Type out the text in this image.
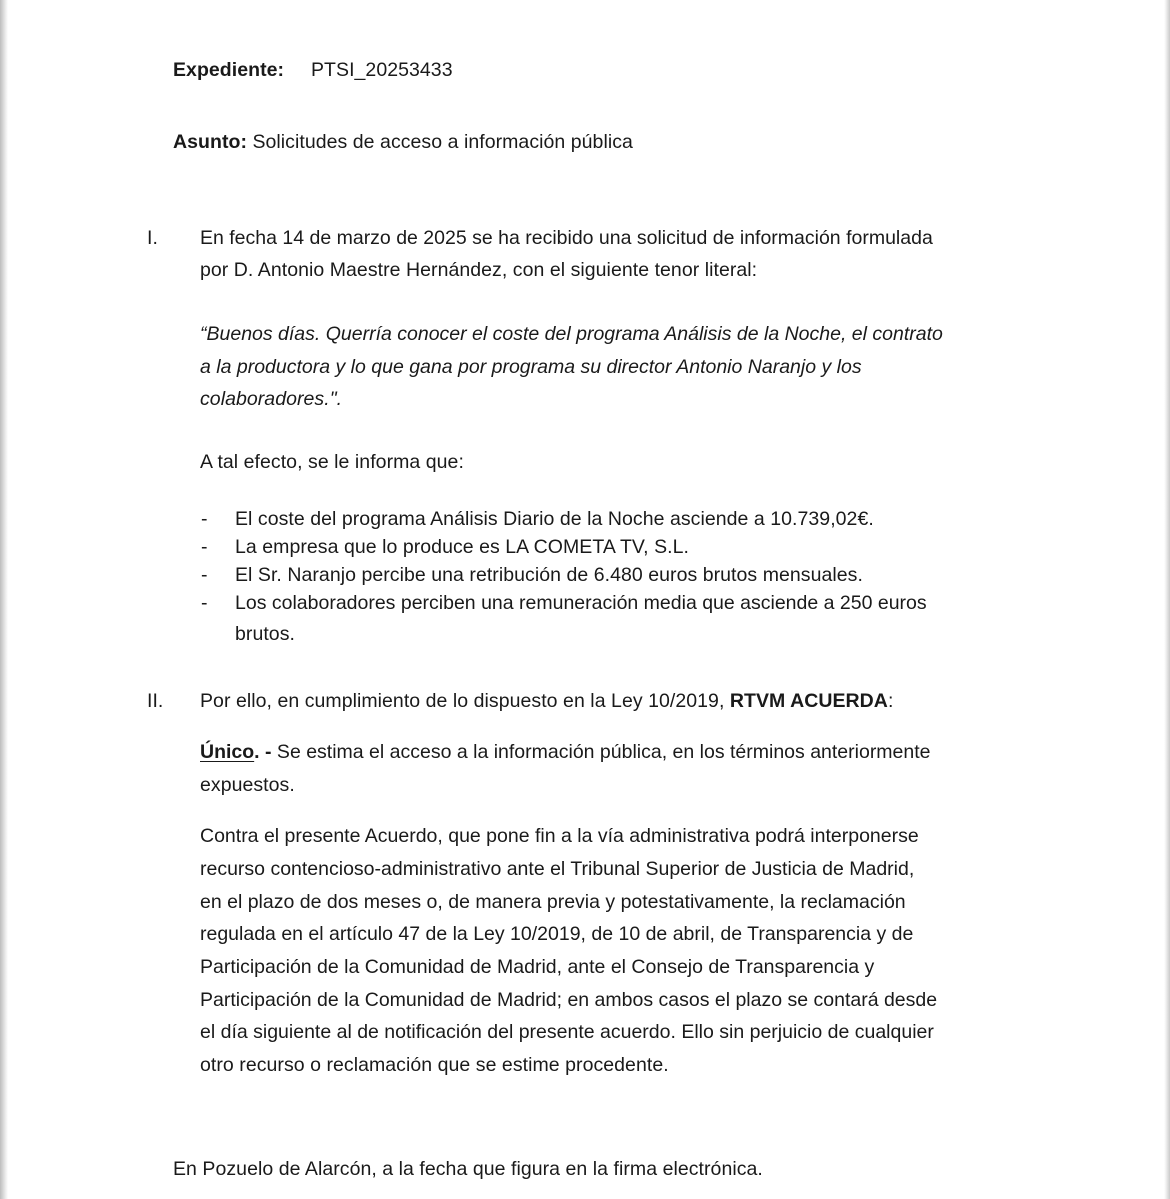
Expediente: PTSI_20253433
Asunto: Solicitudes de acceso a información pública
I. En fecha 14 de marzo de 2025 se ha recibido una solicitud de información formulada
por D. Antonio Maestre Hernández, con el siguiente tenor literal:
“Buenos días. Querría conocer el coste del programa Análisis de la Noche, el contrato
a la productora y lo que gana por programa su director Antonio Naranjo y los
colaboradores.".
A tal efecto, se le informa que:
- El coste del programa Análisis Diario de la Noche asciende a 10.739,02€.
- La empresa que lo produce es LA COMETA TV, S.L.
- El Sr. Naranjo percibe una retribución de 6.480 euros brutos mensuales.
- Los colaboradores perciben una remuneración media que asciende a 250 euros
brutos.
II. Por ello, en cumplimiento de lo dispuesto en la Ley 10/2019, RTVM ACUERDA:
Único. - Se estima el acceso a la información pública, en los términos anteriormente
expuestos.
Contra el presente Acuerdo, que pone fin a la vía administrativa podrá interponerse
recurso contencioso-administrativo ante el Tribunal Superior de Justicia de Madrid,
en el plazo de dos meses o, de manera previa y potestativamente, la reclamación
regulada en el artículo 47 de la Ley 10/2019, de 10 de abril, de Transparencia y de
Participación de la Comunidad de Madrid, ante el Consejo de Transparencia y
Participación de la Comunidad de Madrid; en ambos casos el plazo se contará desde
el día siguiente al de notificación del presente acuerdo. Ello sin perjuicio de cualquier
otro recurso o reclamación que se estime procedente.
En Pozuelo de Alarcón, a la fecha que figura en la firma electrónica.
